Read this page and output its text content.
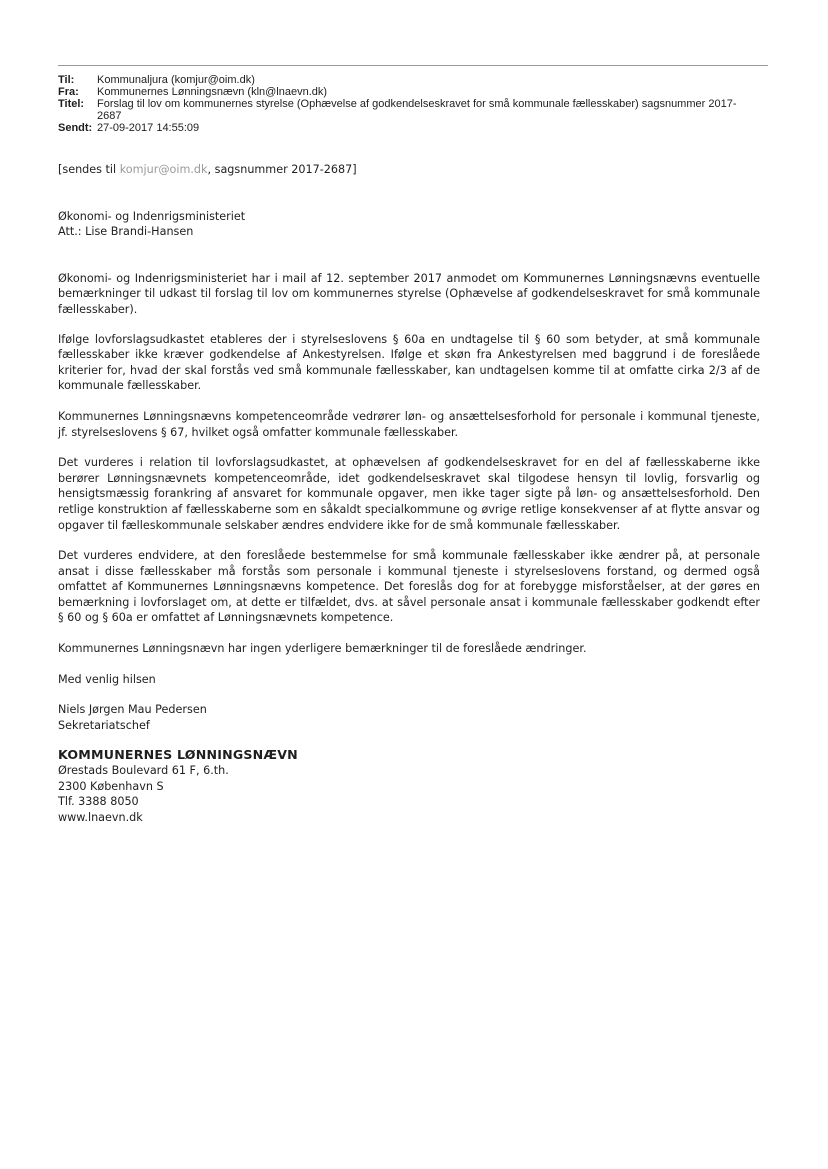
Til:	Kommunaljura (komjur@oim.dk)
Fra:	Kommunernes Lønningsnævn (kln@lnaevn.dk)
Titel:	Forslag til lov om kommunernes styrelse (Ophævelse af godkendelseskravet for små kommunale fællesskaber) sagsnummer 2017-2687
Sendt: 27-09-2017 14:55:09

[sendes til komjur@oim.dk, sagsnummer 2017-2687]

Økonomi- og Indenrigsministeriet

Att.: Lise Brandi-Hansen

Økonomi- og Indenrigsministeriet har i mail af 12. september 2017 anmodet om Kommunernes Lønningsnævns eventuelle bemærkninger til udkast til forslag til lov om kommunernes styrelse (Ophævelse af godkendelseskravet for små kommunale fællesskaber).

Ifølge lovforslagsudkastet etableres der i styrelseslovens § 60a en undtagelse til § 60 som betyder, at små kommunale fællesskaber ikke kræver godkendelse af Ankestyrelsen. Ifølge et skøn fra Ankestyrelsen med baggrund i de foreslåede kriterier for, hvad der skal forstås ved små kommunale fællesskaber, kan undtagelsen komme til at omfatte cirka 2/3 af de kommunale fællesskaber.

Kommunernes Lønningsnævns kompetenceområde vedrører løn- og ansættelsesforhold for personale i kommunal tjeneste, jf. styrelseslovens § 67, hvilket også omfatter kommunale fællesskaber.

Det vurderes i relation til lovforslagsudkastet, at ophævelsen af godkendelseskravet for en del af fællesskaberne ikke berører Lønningsnævnets kompetenceområde, idet godkendelseskravet skal tilgodese hensyn til lovlig, forsvarlig og hensigtsmæssig forankring af ansvaret for kommunale opgaver, men ikke tager sigte på løn- og ansættelsesforhold. Den retlige konstruktion af fællesskaberne som en såkaldt specialkommune og øvrige retlige konsekvenser af at flytte ansvar og opgaver til fælleskommunale selskaber ændres endvidere ikke for de små kommunale fællesskaber.

Det vurderes endvidere, at den foreslåede bestemmelse for små kommunale fællesskaber ikke ændrer på, at personale ansat i disse fællesskaber må forstås som personale i kommunal tjeneste i styrelseslovens forstand, og dermed også omfattet af Kommunernes Lønningsnævns kompetence. Det foreslås dog for at forebygge misforståelser, at der gøres en bemærkning i lovforslaget om, at dette er tilfældet, dvs. at såvel personale ansat i kommunale fællesskaber godkendt efter § 60 og § 60a er omfattet af Lønningsnævnets kompetence.

Kommunernes Lønningsnævn har ingen yderligere bemærkninger til de foreslåede ændringer.

Med venlig hilsen

Niels Jørgen Mau Pedersen

Sekretariatschef

KOMMUNERNES LØNNINGSNÆVN

Ørestads Boulevard 61 F, 6.th.

2300 København S

Tlf. 3388 8050

www.lnaevn.dk
